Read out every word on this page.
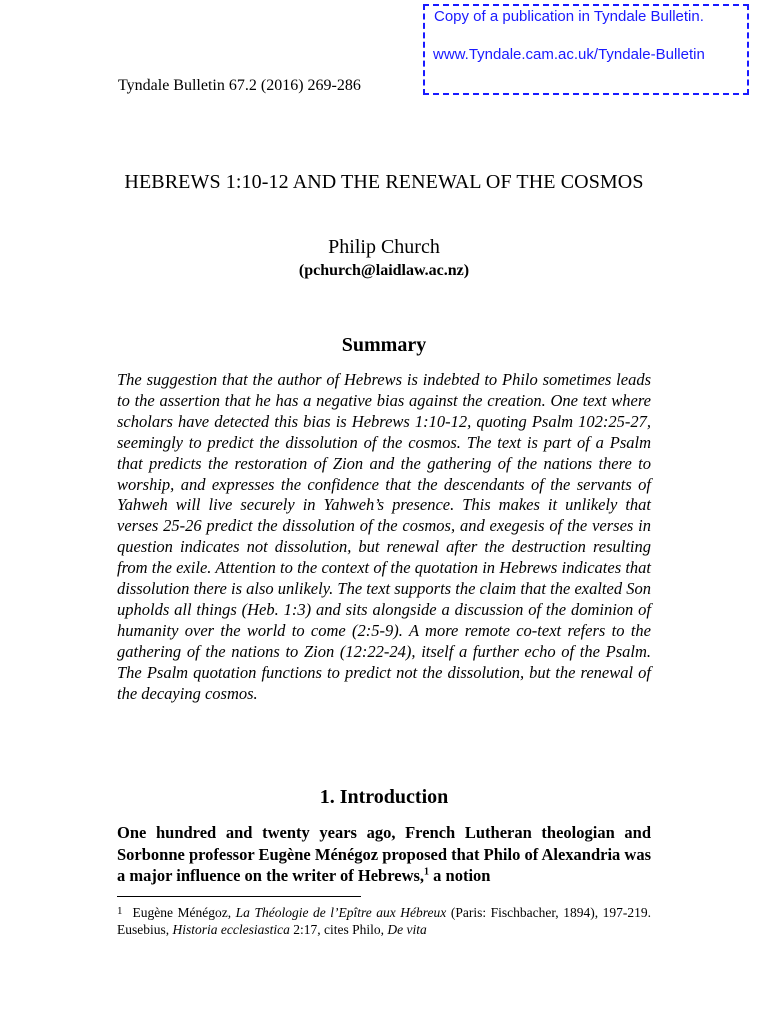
Copy of a publication in Tyndale Bulletin.
www.Tyndale.cam.ac.uk/Tyndale-Bulletin
Tyndale Bulletin 67.2 (2016) 269-286
HEBREWS 1:10-12 AND THE RENEWAL OF THE COSMOS
Philip Church
(pchurch@laidlaw.ac.nz)
Summary
The suggestion that the author of Hebrews is indebted to Philo sometimes leads to the assertion that he has a negative bias against the creation. One text where scholars have detected this bias is Hebrews 1:10-12, quoting Psalm 102:25-27, seemingly to predict the dissolution of the cosmos. The text is part of a Psalm that predicts the restoration of Zion and the gathering of the nations there to worship, and expresses the confidence that the descendants of the servants of Yahweh will live securely in Yahweh’s presence. This makes it unlikely that verses 25-26 predict the dissolution of the cosmos, and exegesis of the verses in question indicates not dissolution, but renewal after the destruction resulting from the exile. Attention to the context of the quotation in Hebrews indicates that dissolution there is also unlikely. The text supports the claim that the exalted Son upholds all things (Heb. 1:3) and sits alongside a discussion of the dominion of humanity over the world to come (2:5-9). A more remote co-text refers to the gathering of the nations to Zion (12:22-24), itself a further echo of the Psalm. The Psalm quotation functions to predict not the dissolution, but the renewal of the decaying cosmos.
1. Introduction
One hundred and twenty years ago, French Lutheran theologian and Sorbonne professor Eugène Ménégoz proposed that Philo of Alexandria was a major influence on the writer of Hebrews,$^1$ a notion
$^1$ Eugène Ménégoz, La Théologie de l’Epître aux Hébreux (Paris: Fischbacher, 1894), 197-219. Eusebius, Historia ecclesiastica 2:17, cites Philo, De vita
